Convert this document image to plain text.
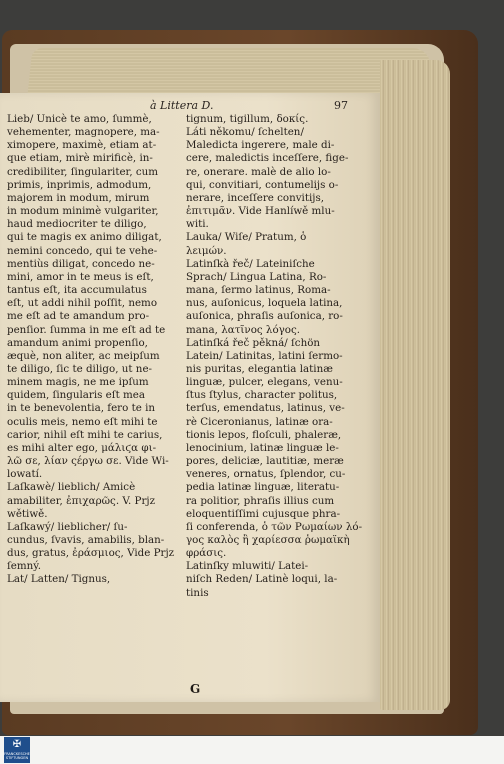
à Littera D.	97
Lieb/ Unicè te amo, ſummè,
vehementer, magnopere, ma-
ximopere, maximè, etiam at-
que etiam, mirè mirificè, in-
credibiliter, ſingulariter, cum
primis, inprimis, admodum,
majorem in modum, mirum
in modum minimè vulgariter,
haud mediocriter te diligo,
qui te magis ex animo diligat,
nemini concedo, qui te vehe-
mentiùs diligat, concedo ne-
mini, amor in te meus is eſt,
tantus eſt, ita accumulatus
eſt, ut addi nihil poſſit, nemo
me eſt ad te amandum pro-
penſior. ſumma in me eſt ad te
amandum animi propenſio,
æquè, non aliter, ac meipſum
te diligo, ſic te diligo, ut ne-
minem magis, ne me ipſum
quidem, ſingularis eſt mea
in te benevolentia, fero te in
oculis meis, nemo eſt mihi te
carior, nihil eſt mihi te carius,
es mihi alter ego, μάλιϛα φι-
λῶ σε, λίαν ςέργω σε. Vide Wi-
lowatí.
Laſkawè/ lieblich/ Amicè
amabiliter, ἐπιχαρῶς. V. Prjz
wětiwě.
Laſkawý/ lieblicher/ ſu-
cundus, ſvavis, amabilis, blan-
dus, gratus, ἐράσμιος, Vide Prjz
ſemný.
Lat/ Latten/ Tignus,
tignum, tigillum, δοκίς.
Láti někomu/ ſchelten/
Maledicta ingerere, male di-
cere, maledictis inceſſere, fige-
re, onerare. malè de alio lo-
qui, convitiari, contumelijs o-
nerare, inceſſere convitijs,
ἐπιτιμᾶν. Vide Hanlíwě mlu-
witi.
Lauka/ Wiſe/ Pratum, ὁ
λειμών.
Latinſkà řeč/ Lateiniſche
Sprach/ Lingua Latina, Ro-
mana, ſermo latinus, Roma-
nus, auſonicus, loquela latina,
auſonica, phraſis auſonica, ro-
mana, λατῖνος λόγος.
Latinſká řeč pěkná/ ſchön
Latein/ Latinitas, latini ſermo-
nis puritas, elegantia latinæ
linguæ, pulcer, elegans, venu-
ſtus ſtylus, character politus,
terſus, emendatus, latinus, ve-
rè Ciceronianus, latinæ ora-
tionis lepos, floſculi, phaleræ,
lenocinium, latinæ linguæ le-
pores, deliciæ, lautitiæ, meræ
veneres, ornatus, ſplendor, cu-
pedia latinæ linguæ, literatu-
ra politior, phraſis illius cum
eloquentiſſimi cujusque phra-
ſi conferenda, ὁ τῶν Ρωμαίων λό-
γος καλὸς ἢ χαρίεσσα ῥωμαϊκὴ
φράσις.
Latinſky mluwiti/ Latei-
niſch Reden/ Latinè loqui, la-
tinis
G
✠
FRANCKESCHE STIFTUNGEN
